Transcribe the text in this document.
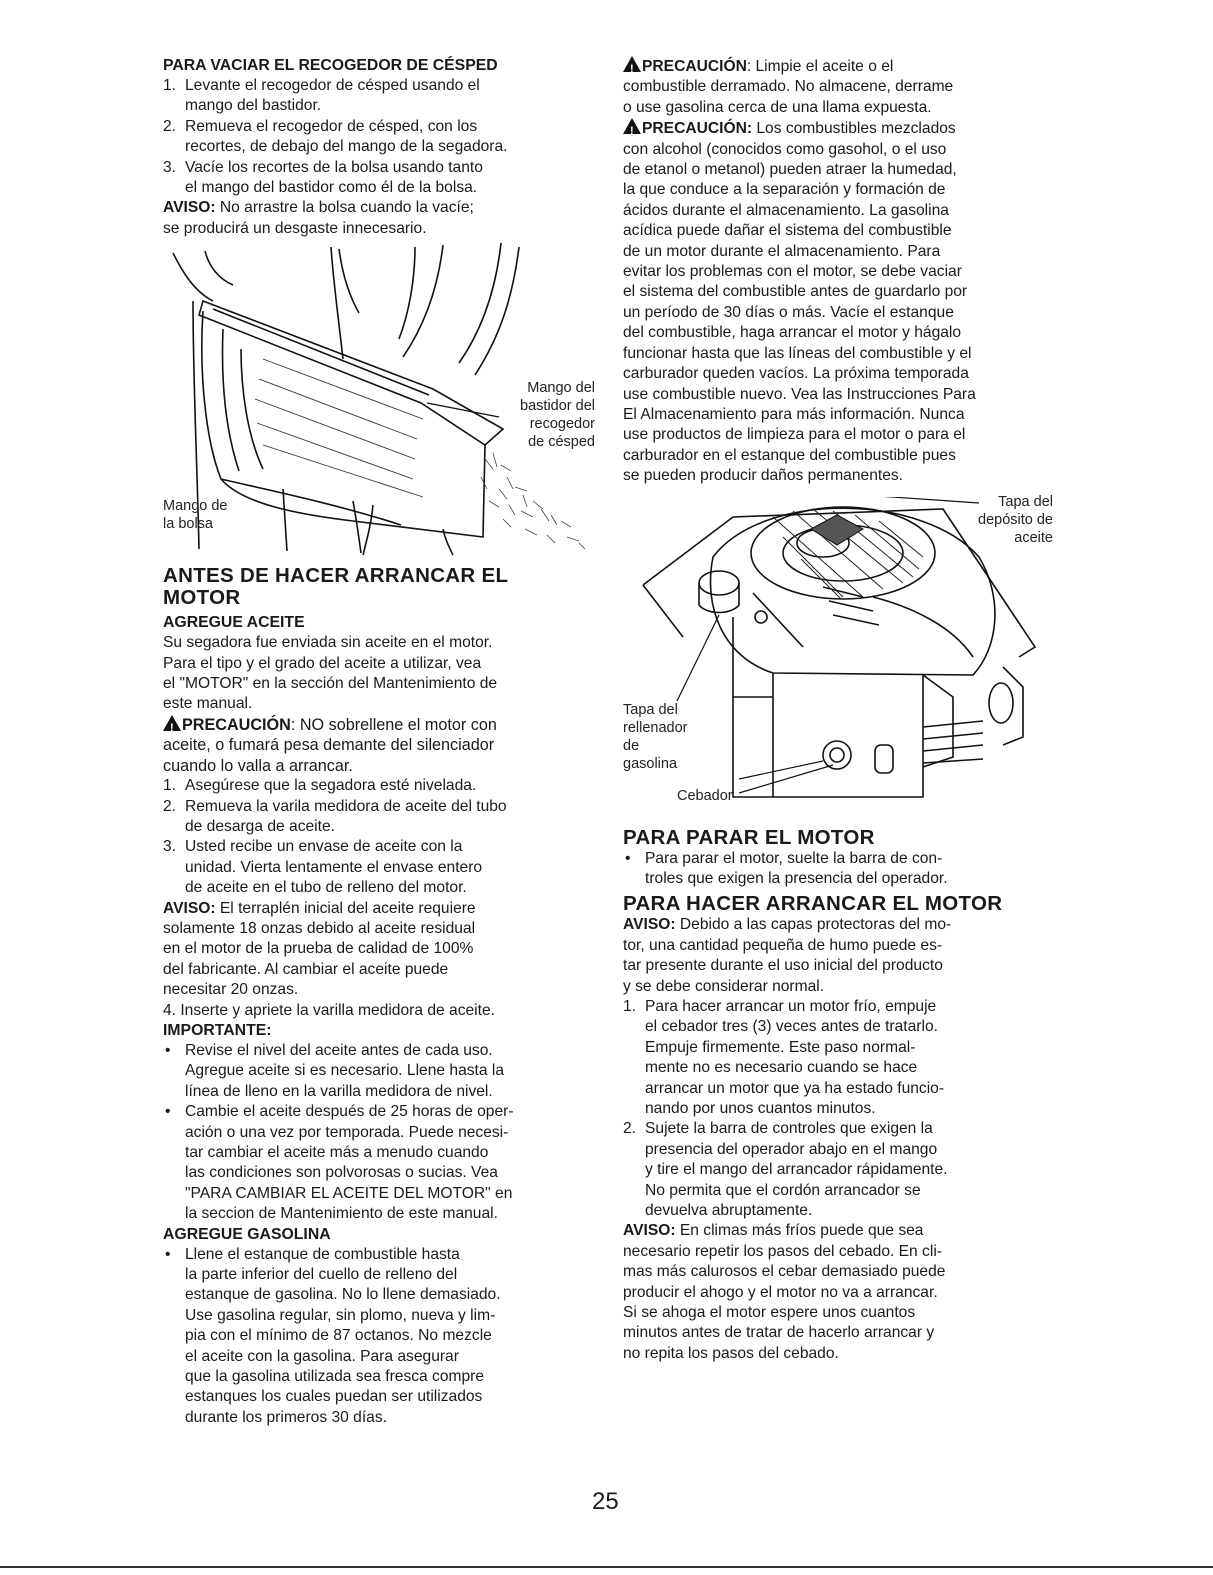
PARA VACIAR EL RECOGEDOR DE CÉSPED
1. Levante el recogedor de césped usando el
mango del bastidor.
2. Remueva el recogedor de césped, con los
recortes, de debajo del mango de la segadora.
3. Vacíe los recortes de la bolsa usando tanto
el mango del bastidor como él de la bolsa.
AVISO: No arrastre la bolsa cuando la vacíe;
se producirá un desgaste innecesario.
Mango del
bastidor del
recogedor
de césped
Mango de
la bolsa
ANTES DE HACER ARRANCAR EL
MOTOR
AGREGUE ACEITE
Su segadora fue enviada sin aceite en el motor.
Para el tipo y el grado del aceite a utilizar, vea
el "MOTOR" en la sección del Mantenimiento de
este manual.
!PRECAUCIÓN: NO sobrellene el motor con
aceite, o fumará pesa demante del silenciador
cuando lo valla a arrancar.
1. Asegúrese que la segadora esté nivelada.
2. Remueva la varila medidora de aceite del tubo
de desarga de aceite.
3. Usted recibe un envase de aceite con la
unidad. Vierta lentamente el envase entero
de aceite en el tubo de relleno del motor.
AVISO: El terraplén inicial del aceite requiere
solamente 18 onzas debido al aceite residual
en el motor de la prueba de calidad de 100%
del fabricante. Al cambiar el aceite puede
necesitar 20 onzas.
4. Inserte y apriete la varilla medidora de aceite.
IMPORTANTE:
• Revise el nivel del aceite antes de cada uso.
Agregue aceite si es necesario. Llene hasta la
línea de lleno en la varilla medidora de nivel.
• Cambie el aceite después de 25 horas de oper-
ación o una vez por temporada. Puede necesi-
tar cambiar el aceite más a menudo cuando
las condiciones son polvorosas o sucias. Vea
"PARA CAMBIAR EL ACEITE DEL MOTOR" en
la seccion de Mantenimiento de este manual.
AGREGUE GASOLINA
• Llene el estanque de combustible hasta
la parte inferior del cuello de relleno del
estanque de gasolina. No lo llene demasiado.
Use gasolina regular, sin plomo, nueva y lim-
pia con el mínimo de 87 octanos. No mezcle
el aceite con la gasolina. Para asegurar
que la gasolina utilizada sea fresca compre
estanques los cuales puedan ser utilizados
durante los primeros 30 días.
!PRECAUCIÓN: Limpie el aceite o el
combustible derramado. No almacene, derrame
o use gasolina cerca de una llama expuesta.
!PRECAUCIÓN: Los combustibles mezclados
con alcohol (conocidos como gasohol, o el uso
de etanol o metanol) pueden atraer la humedad,
la que conduce a la separación y formación de
ácidos durante el almacenamiento. La gasolina
acídica puede dañar el sistema del combustible
de un motor durante el almacenamiento. Para
evitar los problemas con el motor, se debe vaciar
el sistema del combustible antes de guardarlo por
un período de 30 días o más. Vacíe el estanque
del combustible, haga arrancar el motor y hágalo
funcionar hasta que las líneas del combustible y el
carburador queden vacíos. La próxima temporada
use combustible nuevo. Vea las Instrucciones Para
El Almacenamiento para más información. Nunca
use productos de limpieza para el motor o para el
carburador en el estanque del combustible pues
se pueden producir daños permanentes.
Tapa del
depósito de
aceite
Tapa del
rellenador
de
gasolina
Cebador
PARA PARAR EL MOTOR
• Para parar el motor, suelte la barra de con-
troles que exigen la presencia del operador.
PARA HACER ARRANCAR EL MOTOR
AVISO: Debido a las capas protectoras del mo-
tor, una cantidad pequeña de humo puede es-
tar presente durante el uso inicial del producto
y se debe considerar normal.
1. Para hacer arrancar un motor frío, empuje
el cebador tres (3) veces antes de tratarlo.
Empuje firmemente. Este paso normal-
mente no es necesario cuando se hace
arrancar un motor que ya ha estado funcio-
nando por unos cuantos minutos.
2. Sujete la barra de controles que exigen la
presencia del operador abajo en el mango
y tire el mango del arrancador rápidamente.
No permita que el cordón arrancador se
devuelva abruptamente.
AVISO: En climas más fríos puede que sea
necesario repetir los pasos del cebado. En cli-
mas más calurosos el cebar demasiado puede
producir el ahogo y el motor no va a arrancar.
Si se ahoga el motor espere unos cuantos
minutos antes de tratar de hacerlo arrancar y
no repita los pasos del cebado.
25
